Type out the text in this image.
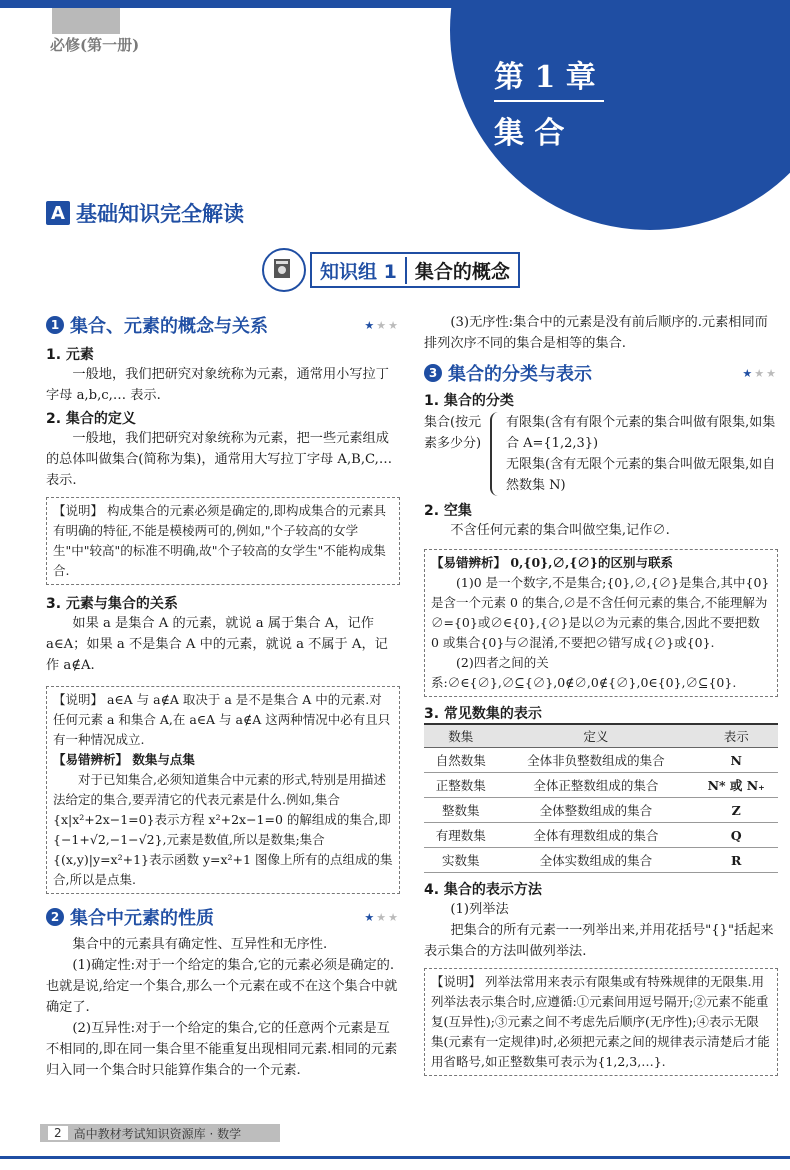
必修(第一册)
第 1 章
集 合
A 基础知识完全解读
知识组 1 集合的概念
1 集合、元素的概念与关系	★★★
1. 元素
一般地，我们把研究对象统称为元素，通常用小写拉丁字母 a,b,c,… 表示.
2. 集合的定义
一般地，我们把研究对象统称为元素，把一些元素组成的总体叫做集合(简称为集)，通常用大写拉丁字母 A,B,C,… 表示.
【说明】 构成集合的元素必须是确定的,即构成集合的元素具有明确的特征,不能是模棱两可的,例如,"个子较高的女学生"中"较高"的标准不明确,故"个子较高的女学生"不能构成集合.
3. 元素与集合的关系
如果 a 是集合 A 的元素，就说 a 属于集合 A，记作 a∈A；如果 a 不是集合 A 中的元素，就说 a 不属于 A，记作 a∉A.
【说明】 a∈A 与 a∉A 取决于 a 是不是集合 A 中的元素.对任何元素 a 和集合 A,在 a∈A 与 a∉A 这两种情况中必有且只有一种情况成立.
【易错辨析】 数集与点集
对于已知集合,必须知道集合中元素的形式,特别是用描述法给定的集合,要弄清它的代表元素是什么.例如,集合{x|x²+2x−1=0}表示方程 x²+2x−1=0 的解组成的集合,即{−1+√2,−1−√2},元素是数值,所以是数集;集合{(x,y)|y=x²+1}表示函数 y=x²+1 图像上所有的点组成的集合,所以是点集.
2 集合中元素的性质	★★★
集合中的元素具有确定性、互异性和无序性.
(1)确定性:对于一个给定的集合,它的元素必须是确定的.也就是说,给定一个集合,那么一个元素在或不在这个集合中就确定了.
(2)互异性:对于一个给定的集合,它的任意两个元素是互不相同的,即在同一集合里不能重复出现相同元素.相同的元素归入同一个集合时只能算作集合的一个元素.
(3)无序性:集合中的元素是没有前后顺序的.元素相同而排列次序不同的集合是相等的集合.
3 集合的分类与表示	★★★
1. 集合的分类
集合(按元素多少分)
有限集(含有有限个元素的集合叫做有限集,如集合 A={1,2,3})
无限集(含有无限个元素的集合叫做无限集,如自然数集 N)
2. 空集
不含任何元素的集合叫做空集,记作∅.
【易错辨析】 0,{0},∅,{∅}的区别与联系
(1)0 是一个数字,不是集合;{0},∅,{∅}是集合,其中{0}是含一个元素 0 的集合,∅是不含任何元素的集合,不能理解为∅={0}或∅∈{0},{∅}是以∅为元素的集合,因此不要把数 0 或集合{0}与∅混淆,不要把∅错写成{∅}或{0}.
(2)四者之间的关系:∅∈{∅},∅⊆{∅},0∉∅,0∉{∅},0∈{0},∅⊆{0}.
3. 常见数集的表示
数集	定义	表示
自然数集	全体非负整数组成的集合	N
正整数集	全体正整数组成的集合	N* 或 N₊
整数集	全体整数组成的集合	Z
有理数集	全体有理数组成的集合	Q
实数集	全体实数组成的集合	R
4. 集合的表示方法
(1)列举法
把集合的所有元素一一列举出来,并用花括号"{}"括起来表示集合的方法叫做列举法.
【说明】 列举法常用来表示有限集或有特殊规律的无限集.用列举法表示集合时,应遵循:①元素间用逗号隔开;②元素不能重复(互异性);③元素之间不考虑先后顺序(无序性);④表示无限集(元素有一定规律)时,必须把元素之间的规律表示清楚后才能用省略号,如正整数集可表示为{1,2,3,…}.
2	高中教材考试知识资源库 · 数学
